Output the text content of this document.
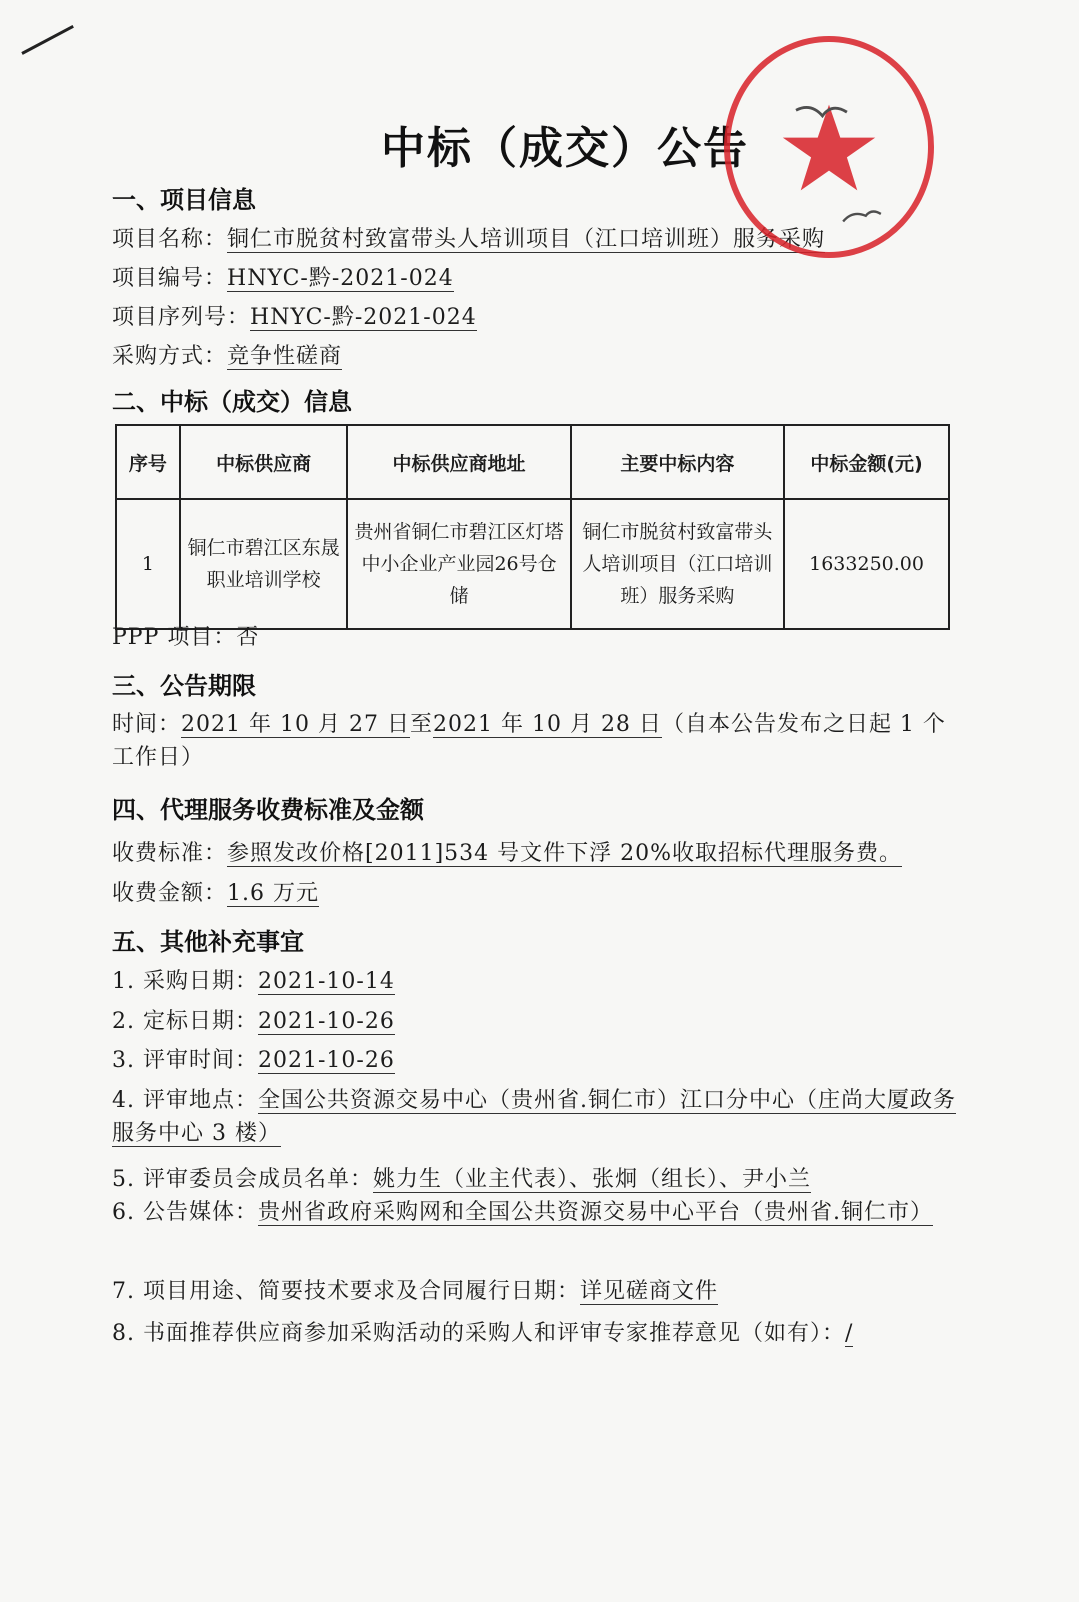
中标（成交）公告
一、项目信息
项目名称：铜仁市脱贫村致富带头人培训项目（江口培训班）服务采购
项目编号：HNYC-黔-2021-024
项目序列号：HNYC-黔-2021-024
采购方式：竞争性磋商
二、中标（成交）信息
序号	中标供应商	中标供应商地址	主要中标内容	中标金额(元)
1	铜仁市碧江区东晟职业培训学校	贵州省铜仁市碧江区灯塔中小企业产业园26号仓储	铜仁市脱贫村致富带头人培训项目（江口培训班）服务采购	1633250.00
PPP 项目：否
三、公告期限
时间：2021 年 10 月 27 日至2021 年 10 月 28 日（自本公告发布之日起 1 个工作日）
四、代理服务收费标准及金额
收费标准：参照发改价格[2011]534 号文件下浮 20%收取招标代理服务费。
收费金额：1.6 万元
五、其他补充事宜
1. 采购日期：2021-10-14
2. 定标日期：2021-10-26
3. 评审时间：2021-10-26
4. 评审地点：全国公共资源交易中心（贵州省.铜仁市）江口分中心（庄尚大厦政务服务中心 3 楼）
5. 评审委员会成员名单：姚力生（业主代表）、张炯（组长）、尹小兰
6. 公告媒体：贵州省政府采购网和全国公共资源交易中心平台（贵州省.铜仁市）
7. 项目用途、简要技术要求及合同履行日期：详见磋商文件
8. 书面推荐供应商参加采购活动的采购人和评审专家推荐意见（如有）：/
